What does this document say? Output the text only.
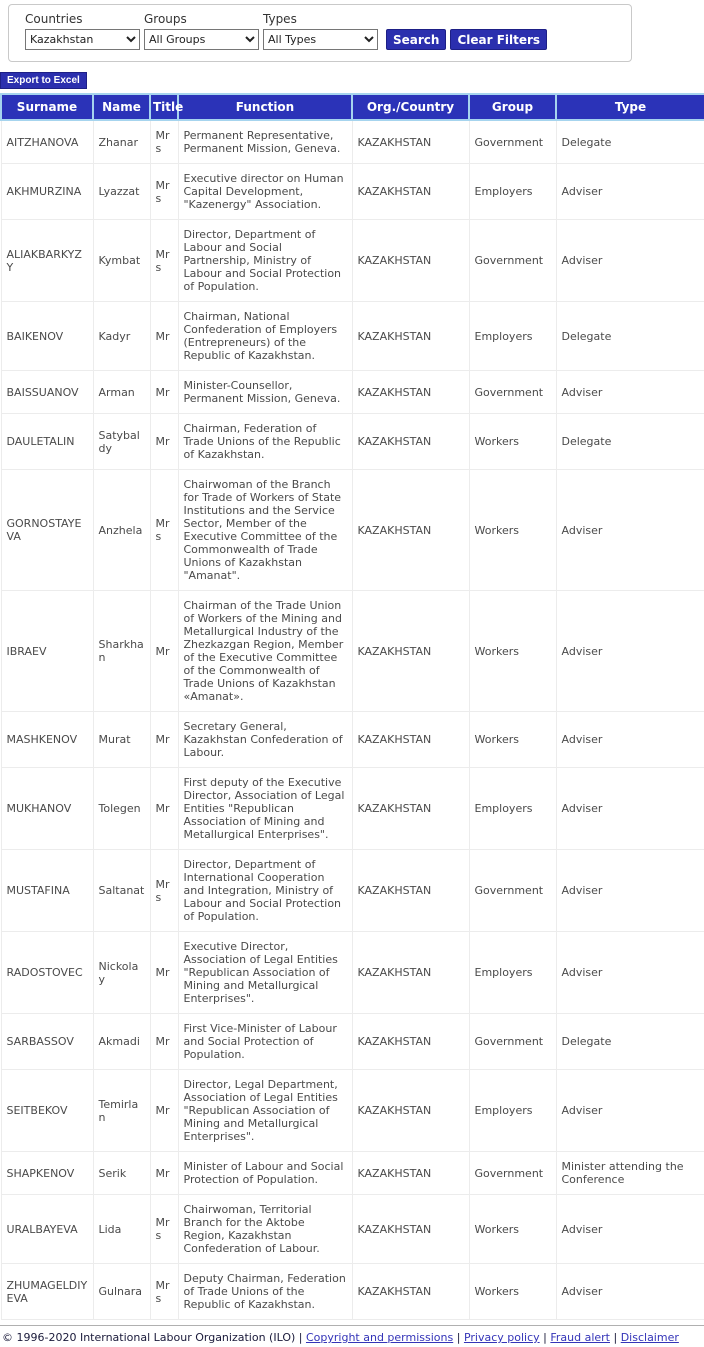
Countries
Kazakhstan	Groups
All Groups	Types
All Types
Search	Clear Filters
Export to Excel
Surname	Name	Title	Function	Org./Country	Group	Type
AITZHANOVA	Zhanar	Mrs	Permanent Representative, Permanent Mission, Geneva.	KAZAKHSTAN	Government	Delegate
AKHMURZINA	Lyazzat	Mrs	Executive director on Human Capital Development, "Kazenergy" Association.	KAZAKHSTAN	Employers	Adviser
ALIAKBARKYZY	Kymbat	Mrs	Director, Department of Labour and Social Partnership, Ministry of Labour and Social Protection of Population.	KAZAKHSTAN	Government	Adviser
BAIKENOV	Kadyr	Mr	Chairman, National Confederation of Employers (Entrepreneurs) of the Republic of Kazakhstan.	KAZAKHSTAN	Employers	Delegate
BAISSUANOV	Arman	Mr	Minister-Counsellor, Permanent Mission, Geneva.	KAZAKHSTAN	Government	Adviser
DAULETALIN	Satybaldy	Mr	Chairman, Federation of Trade Unions of the Republic of Kazakhstan.	KAZAKHSTAN	Workers	Delegate
GORNOSTAYEVA	Anzhela	Mrs	Chairwoman of the Branch for Trade of Workers of State Institutions and the Service Sector, Member of the Executive Committee of the Commonwealth of Trade Unions of Kazakhstan "Amanat".	KAZAKHSTAN	Workers	Adviser
IBRAEV	Sharkhan	Mr	Chairman of the Trade Union of Workers of the Mining and Metallurgical Industry of the Zhezkazgan Region, Member of the Executive Committee of the Commonwealth of Trade Unions of Kazakhstan «Amanat».	KAZAKHSTAN	Workers	Adviser
MASHKENOV	Murat	Mr	Secretary General, Kazakhstan Confederation of Labour.	KAZAKHSTAN	Workers	Adviser
MUKHANOV	Tolegen	Mr	First deputy of the Executive Director, Association of Legal Entities "Republican Association of Mining and Metallurgical Enterprises".	KAZAKHSTAN	Employers	Adviser
MUSTAFINA	Saltanat	Mrs	Director, Department of International Cooperation and Integration, Ministry of Labour and Social Protection of Population.	KAZAKHSTAN	Government	Adviser
RADOSTOVEC	Nickolay	Mr	Executive Director, Association of Legal Entities "Republican Association of Mining and Metallurgical Enterprises".	KAZAKHSTAN	Employers	Adviser
SARBASSOV	Akmadi	Mr	First Vice-Minister of Labour and Social Protection of Population.	KAZAKHSTAN	Government	Delegate
SEITBEKOV	Temirlan	Mr	Director, Legal Department, Association of Legal Entities "Republican Association of Mining and Metallurgical Enterprises".	KAZAKHSTAN	Employers	Adviser
SHAPKENOV	Serik	Mr	Minister of Labour and Social Protection of Population.	KAZAKHSTAN	Government	Minister attending the Conference
URALBAYEVA	Lida	Mrs	Chairwoman, Territorial Branch for the Aktobe Region, Kazakhstan Confederation of Labour.	KAZAKHSTAN	Workers	Adviser
ZHUMAGELDIYEVA	Gulnara	Mrs	Deputy Chairman, Federation of Trade Unions of the Republic of Kazakhstan.	KAZAKHSTAN	Workers	Adviser
© 1996-2020 International Labour Organization (ILO) | Copyright and permissions | Privacy policy | Fraud alert | Disclaimer
